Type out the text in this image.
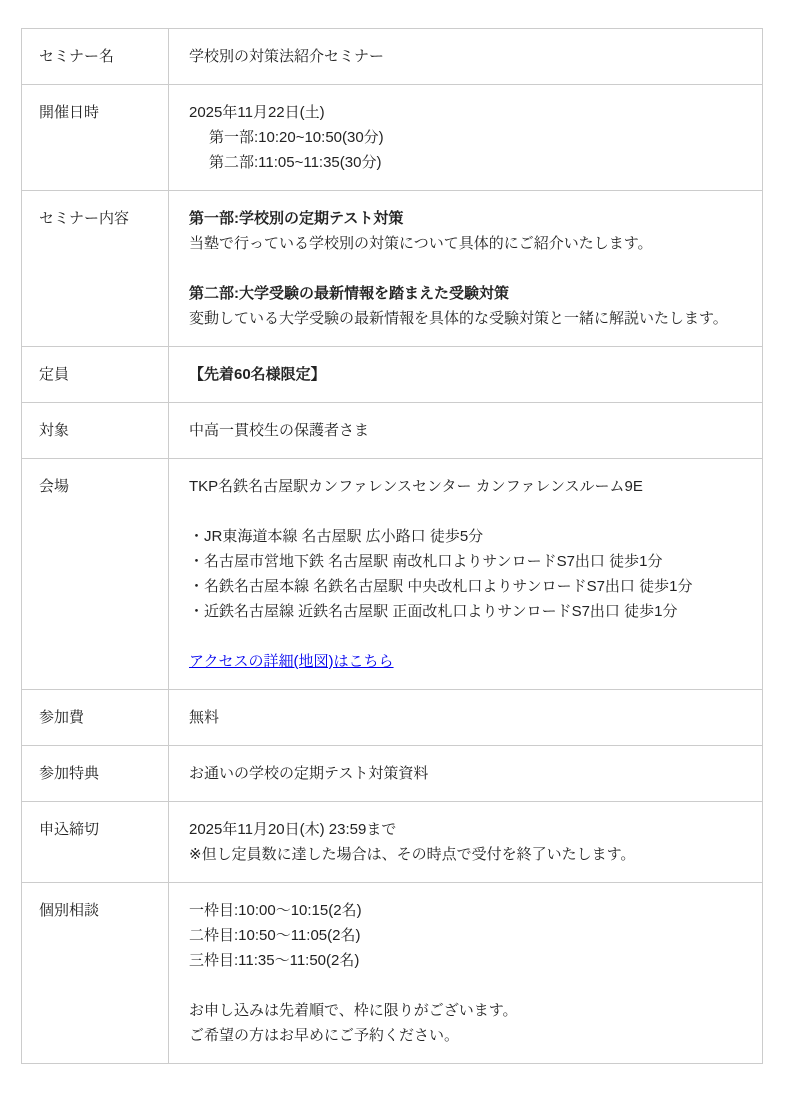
セミナー名	学校別の対策法紹介セミナー

開催日時	2025年11月22日(土)
第一部:10:20~10:50(30分)
第二部:11:05~11:35(30分)

セミナー内容	第一部:学校別の定期テスト対策
当塾で行っている学校別の対策について具体的にご紹介いたします。

第二部:大学受験の最新情報を踏まえた受験対策
変動している大学受験の最新情報を具体的な受験対策と一緒に解説いたします。

定員	【先着60名様限定】

対象	中高一貫校生の保護者さま

会場	TKP名鉄名古屋駅カンファレンスセンター カンファレンスルーム9E

・JR東海道本線 名古屋駅 広小路口 徒歩5分
・名古屋市営地下鉄 名古屋駅 南改札口よりサンロードS7出口 徒歩1分
・名鉄名古屋本線 名鉄名古屋駅 中央改札口よりサンロードS7出口 徒歩1分
・近鉄名古屋線 近鉄名古屋駅 正面改札口よりサンロードS7出口 徒歩1分

アクセスの詳細(地図)はこちら

参加費	無料

参加特典	お通いの学校の定期テスト対策資料

申込締切	2025年11月20日(木) 23:59まで
※但し定員数に達した場合は、その時点で受付を終了いたします。

個別相談	一枠目:10:00〜10:15(2名)
二枠目:10:50〜11:05(2名)
三枠目:11:35〜11:50(2名)

お申し込みは先着順で、枠に限りがございます。
ご希望の方はお早めにご予約ください。
